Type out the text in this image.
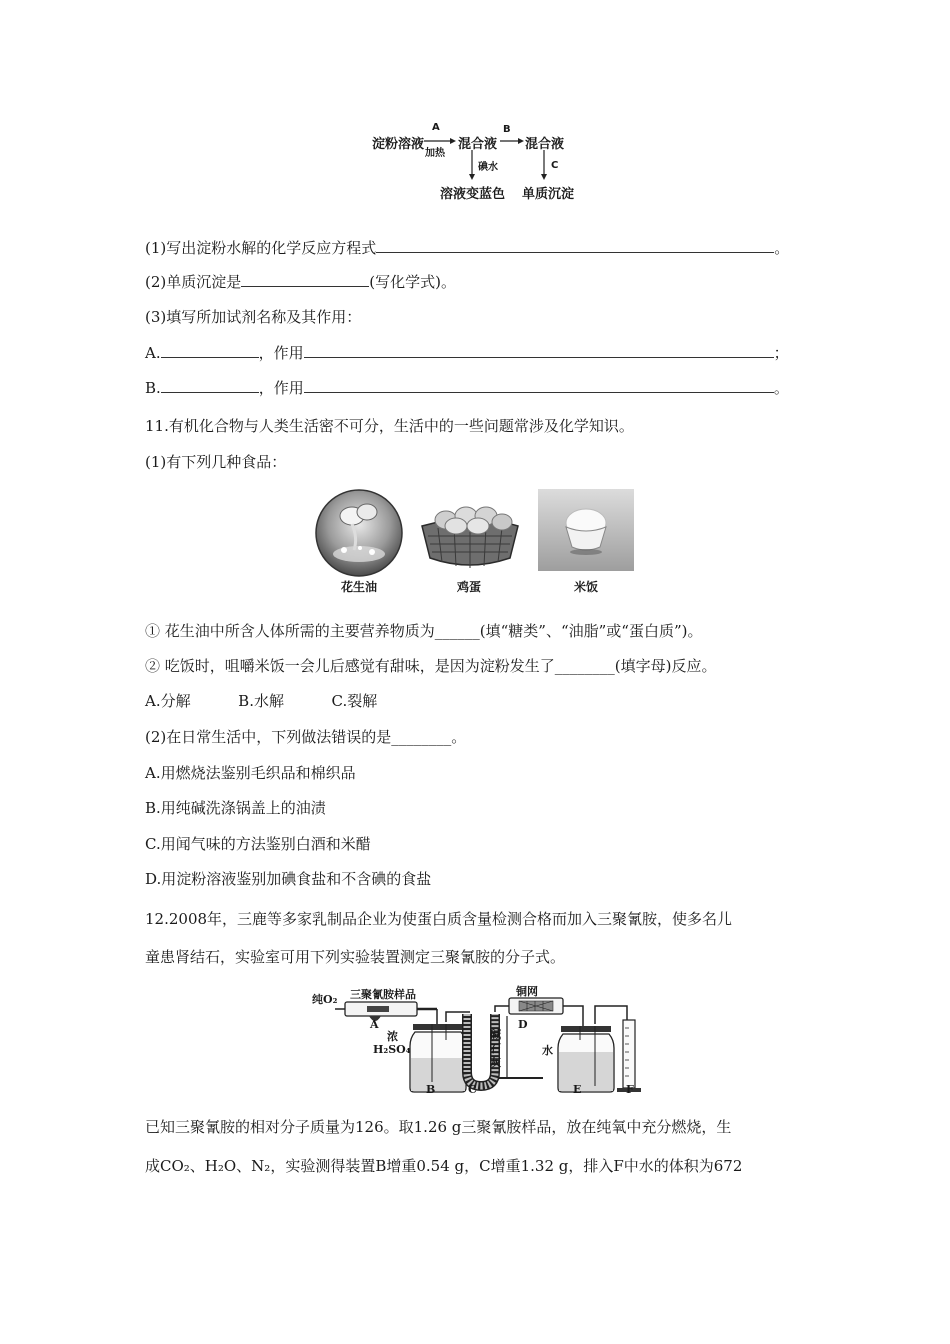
淀粉溶液
A
加热
混合液
B
混合液
碘水	C
溶液变蓝色 单质沉淀
(1)写出淀粉水解的化学反应方程式	。
(2)单质沉淀是	(写化学式)。
(3)填写所加试剂名称及其作用：
A.	，作用	；
B.	，作用	。
11.有机化合物与人类生活密不可分，生活中的一些问题常涉及化学知识。
(1)有下列几种食品：
花生油	鸡蛋	米饭
① 花生油中所含人体所需的主要营养物质为______(填“糖类”、“油脂”或“蛋白质”)。
② 吃饭时，咀嚼米饭一会儿后感觉有甜味，是因为淀粉发生了________(填字母)反应。
A.分解	B.水解	C.裂解
(2)在日常生活中，下列做法错误的是________。
A.用燃烧法鉴别毛织品和棉织品
B.用纯碱洗涤锅盖上的油渍
C.用闻气味的方法鉴别白酒和米醋
D.用淀粉溶液鉴别加碘食盐和不含碘的食盐
12.2008年，三鹿等多家乳制品企业为使蛋白质含量检测合格而加入三聚氰胺，使多名儿
童患肾结石，实验室可用下列实验装置测定三聚氰胺的分子式。
纯O₂ 三聚氰胺样品	铜网
A
浓
H₂SO₄
D
碱
石
灰
水
B	C	E	F
已知三聚氰胺的相对分子质量为126。取1.26 g三聚氰胺样品，放在纯氧中充分燃烧，生
成CO₂、H₂O、N₂，实验测得装置B增重0.54 g，C增重1.32 g，排入F中水的体积为672
